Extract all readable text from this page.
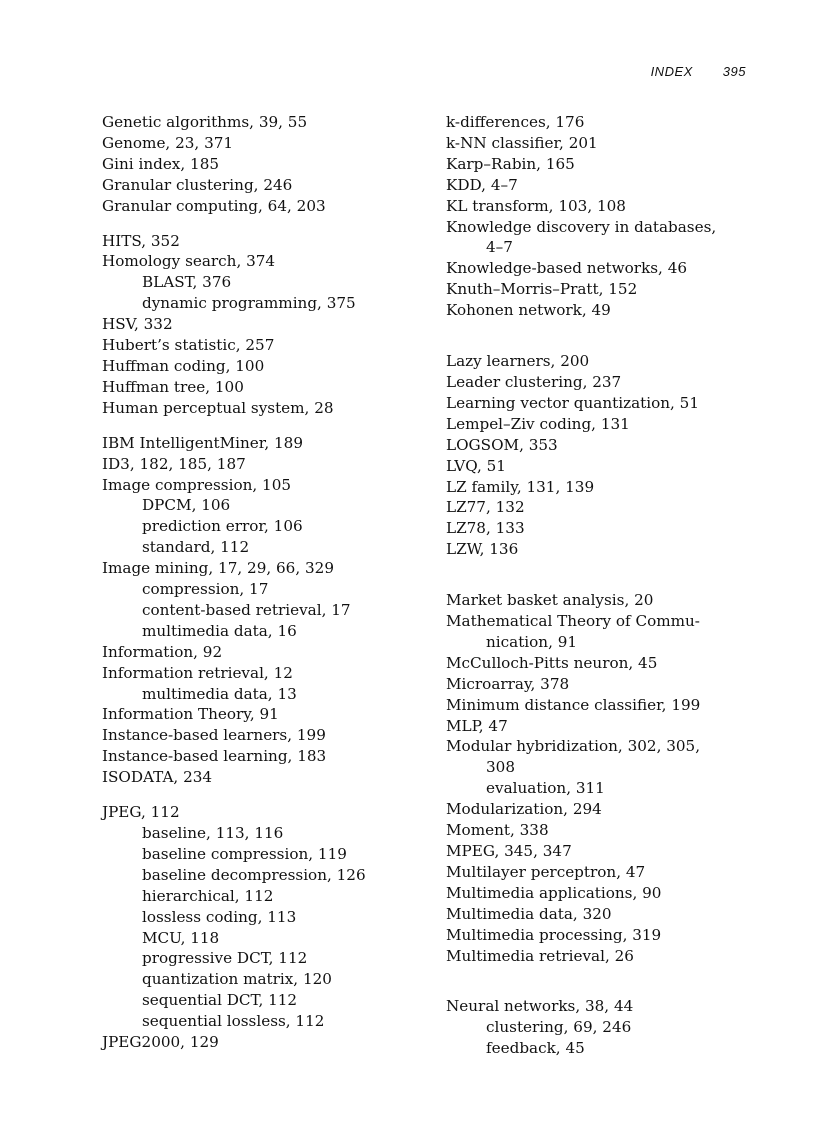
INDEX 395
Genetic algorithms, 39, 55
Genome, 23, 371
Gini index, 185
Granular clustering, 246
Granular computing, 64, 203
HITS, 352
Homology search, 374
BLAST, 376
dynamic programming, 375
HSV, 332
Hubert’s statistic, 257
Huffman coding, 100
Huffman tree, 100
Human perceptual system, 28
IBM IntelligentMiner, 189
ID3, 182, 185, 187
Image compression, 105
DPCM, 106
prediction error, 106
standard, 112
Image mining, 17, 29, 66, 329
compression, 17
content-based retrieval, 17
multimedia data, 16
Information, 92
Information retrieval, 12
multimedia data, 13
Information Theory, 91
Instance-based learners, 199
Instance-based learning, 183
ISODATA, 234
JPEG, 112
baseline, 113, 116
baseline compression, 119
baseline decompression, 126
hierarchical, 112
lossless coding, 113
MCU, 118
progressive DCT, 112
quantization matrix, 120
sequential DCT, 112
sequential lossless, 112
JPEG2000, 129
k-differences, 176
k-NN classifier, 201
Karp–Rabin, 165
KDD, 4–7
KL transform, 103, 108
Knowledge discovery in databases,
4–7
Knowledge-based networks, 46
Knuth–Morris–Pratt, 152
Kohonen network, 49
Lazy learners, 200
Leader clustering, 237
Learning vector quantization, 51
Lempel–Ziv coding, 131
LOGSOM, 353
LVQ, 51
LZ family, 131, 139
LZ77, 132
LZ78, 133
LZW, 136
Market basket analysis, 20
Mathematical Theory of Commu-
nication, 91
McCulloch-Pitts neuron, 45
Microarray, 378
Minimum distance classifier, 199
MLP, 47
Modular hybridization, 302, 305,
308
evaluation, 311
Modularization, 294
Moment, 338
MPEG, 345, 347
Multilayer perceptron, 47
Multimedia applications, 90
Multimedia data, 320
Multimedia processing, 319
Multimedia retrieval, 26
Neural networks, 38, 44
clustering, 69, 246
feedback, 45
